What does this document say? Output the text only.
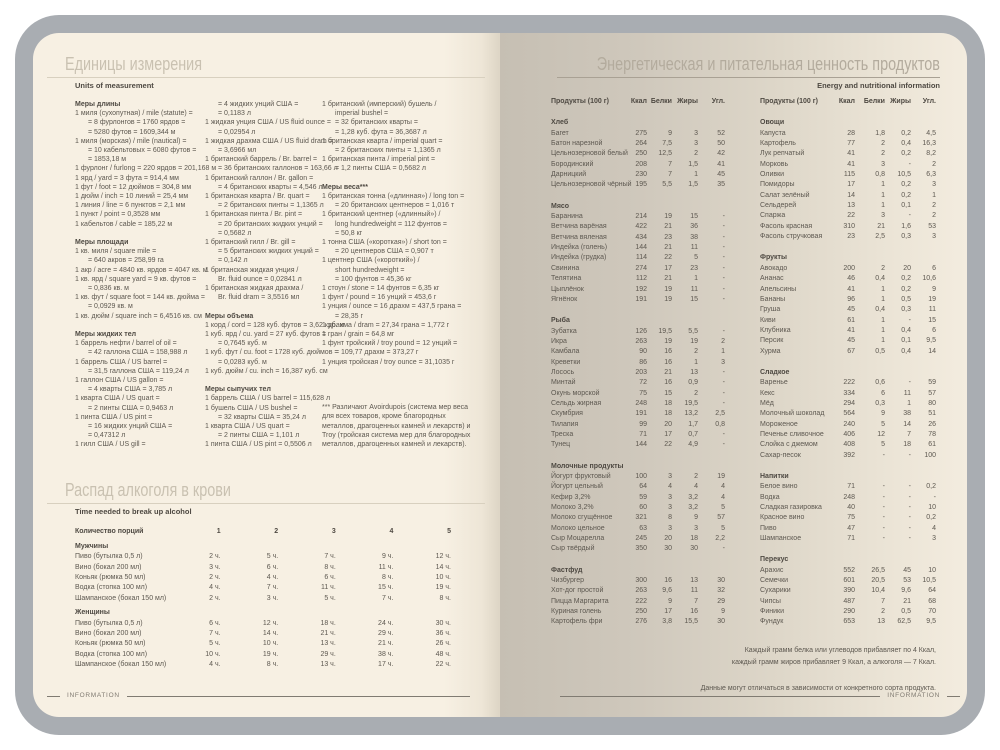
Единицы измерения
Units of measurement
Меры длины
1 миля (сухопутная) / mile (statute) =
= 8 фурлонгов = 1760 ярдов =
= 5280 футов = 1609,344 м
1 миля (морская) / mile (nautical) =
= 10 кабельтовых = 6080 футов =
= 1853,18 м
1 фурлонг / furlong = 220 ярдов = 201,168 м
1 ярд / yard = 3 фута = 914,4 мм
1 фут / foot = 12 дюймов = 304,8 мм
1 дюйм / inch = 10 линий = 25,4 мм
1 линия / line = 6 пунктов = 2,1 мм
1 пункт / point = 0,3528 мм
1 кабельтов / cable = 185,22 м
Меры площади
1 кв. миля / square mile =
= 640 акров = 258,99 га
1 акр / acre = 4840 кв. ярдов = 4047 кв. м
1 кв. ярд / square yard = 9 кв. футов =
= 0,836 кв. м
1 кв. фут / square foot = 144 кв. дюйма =
= 0,0929 кв. м
1 кв. дюйм / square inch = 6,4516 кв. см
Меры жидких тел
1 баррель нефти / barrel of oil =
= 42 галлона США = 158,988 л
1 баррель США / US barrel =
= 31,5 галлона США = 119,24 л
1 галлон США / US gallon =
= 4 кварты США = 3,785 л
1 кварта США / US quart =
= 2 пинты США = 0,9463 л
1 пинта США / US pint =
= 16 жидких унций США =
= 0,47312 л
1 гилл США / US gill =
= 4 жидких унций США =
= 0,1183 л
1 жидкая унция США / US fluid ounce =
= 0,02954 л
1 жидкая драхма США / US fluid dram =
= 3,6966 мл
1 британский баррель / Br. barrel =
= 36 британских галлонов = 163,66 л
1 британский галлон / Br. gallon =
= 4 британских кварты = 4,546 л
1 британская кварта / Br. quart =
= 2 британских пинты = 1,1365 л
1 британская пинта / Br. pint =
= 20 британских жидких унций =
= 0,5682 л
1 британский гилл / Br. gill =
= 5 британских жидких унций =
= 0,142 л
1 британская жидкая унция /
Br. fluid ounce = 0,02841 л
1 британская жидкая драхма /
Br. fluid dram = 3,5516 мл
Меры объема
1 корд / cord = 128 куб. футов = 3,62 куб. м
1 куб. ярд / cu. yard = 27 куб. футов =
= 0,7645 куб. м
1 куб. фут / cu. foot = 1728 куб. дюймов =
= 0,0283 куб. м
1 куб. дюйм / cu. inch = 16,387 куб. см
Меры сыпучих тел
1 баррель США / US barrel = 115,628 л
1 бушель США / US bushel =
= 32 кварты США = 35,24 л
1 кварта США / US quart =
= 2 пинты США = 1,101 л
1 пинта США / US pint = 0,5506 л
1 британский (имперский) бушель /
imperial bushel =
= 32 британских кварты =
= 1,28 куб. фута = 36,3687 л
1 британская кварта / imperial quart =
= 2 британских пинты = 1,1365 л
1 британская пинта / imperial pint =
= 1,2 пинты США = 0,5682 л
Меры веса***
1 британская тонна («длинная») / long ton =
= 20 британских центнеров = 1,016 т
1 британский центнер («длинный») /
long hundredweight = 112 фунтов =
= 50,8 кг
1 тонна США («короткая») / short ton =
= 20 центнеров США = 0,907 т
1 центнер США («короткий») /
short hundredweight =
= 100 фунтов = 45,36 кг
1 стоун / stone = 14 фунтов = 6,35 кг
1 фунт / pound = 16 унций = 453,6 г
1 унция / ounce = 16 драхм = 437,5 грана =
= 28,35 г
1 драхма / dram = 27,34 грана = 1,772 г
1 гран / grain = 64,8 мг
1 фунт тройский / troy pound = 12 унций =
= 109,77 драхм = 373,27 г
1 унция тройская / troy ounce = 31,1035 г
*** Различают Avoirdupois (система мер веса для всех товаров, кроме благородных металлов, драгоценных камней и лекарств) и Troy (тройская система мер для благородных металлов, драгоценных камней и лекарств).
Распад алкоголя в крови
Time needed to break up alcohol
Количество порций	1	2	3	4	5
Мужчины
Пиво (бутылка 0,5 л)	2 ч.	5 ч.	7 ч.	9 ч.	12 ч.
Вино (бокал 200 мл)	3 ч.	6 ч.	8 ч.	11 ч.	14 ч.
Коньяк (рюмка 50 мл)	2 ч.	4 ч.	6 ч.	8 ч.	10 ч.
Водка (стопка 100 мл)	4 ч.	7 ч.	11 ч.	15 ч.	19 ч.
Шампанское (бокал 150 мл)	2 ч.	3 ч.	5 ч.	7 ч.	8 ч.
Женщины
Пиво (бутылка 0,5 л)	6 ч.	12 ч.	18 ч.	24 ч.	30 ч.
Вино (бокал 200 мл)	7 ч.	14 ч.	21 ч.	29 ч.	36 ч.
Коньяк (рюмка 50 мл)	5 ч.	10 ч.	13 ч.	21 ч.	26 ч.
Водка (стопка 100 мл)	10 ч.	19 ч.	29 ч.	38 ч.	48 ч.
Шампанское (бокал 150 мл)	4 ч.	8 ч.	13 ч.	17 ч.	22 ч.
INFORMATION
Энергетическая и питательная ценность продуктов
Energy and nutritional information
Продукты (100 г)	Ккал Белки Жиры	Угл.
Хлеб
Багет	275	9	3	52
Батон нарезной	264	7,5	3	50
Цельнозерновой белый	250	12,5	2	42
Бородинский	208	7	1,5	41
Дарницкий	230	7	1	45
Цельнозерновой чёрный 195	5,5	1,5	35
Мясо
Баранина	214	19	15	-
Ветчина варёная	422	21	36	-
Ветчина вяленая	434	23	38	-
Индейка (голень)	144	21	11	-
Индейка (грудка)	114	22	5	-
Свинина	274	17	23	-
Телятина	112	21	1	-
Цыплёнок	192	19	11	-
Ягнёнок	191	19	15	-
Рыба
Зубатка	126	19,5	5,5	-
Икра	263	19	19	2
Камбала	90	16	2	1
Креветки	86	16	1	3
Лосось	203	21	13	-
Минтай	72	16	0,9	-
Окунь морской	75	15	2	-
Сельдь жирная	248	18	19,5	-
Скумбрия	191	18	13,2	2,5
Тилапия	99	20	1,7	0,8
Треска	71	17	0,7	-
Тунец	144	22	4,9	-
Молочные продукты
Йогурт фруктовый	100	3	2	19
Йогурт цельный	64	4	4	4
Кефир 3,2%	59	3	3,2	4
Молоко 3,2%	60	3	3,2	5
Молоко сгущённое	321	8	9	57
Молоко цельное	63	3	3	5
Сыр Моцарелла	245	20	18	2,2
Сыр твёрдый	350	30	30	-
Фастфуд
Чизбургер	300	16	13	30
Хот-дог простой	263	9,6	11	32
Пицца Маргарита	222	9	7	29
Куриная голень	250	17	16	9
Картофель фри	276	3,8	15,5	30
Продукты (100 г)	Ккал	Белки Жиры	Угл.
Овощи
Капуста	28	1,8	0,2	4,5
Картофель	77	2	0,4	16,3
Лук репчатый	41	2	0,2	8,2
Морковь	41	3	-	2
Оливки	115	0,8	10,5	6,3
Помидоры	17	1	0,2	3
Салат зелёный	14	1	0,2	1
Сельдерей	13	1	0,1	2
Спаржа	22	3	-	2
Фасоль красная	310	21	1,6	53
Фасоль стручковая	23	2,5	0,3	3
Фрукты
Авокадо	200	2	20	6
Ананас	46	0,4	0,2	10,6
Апельсины	41	1	0,2	9
Бананы	96	1	0,5	19
Груша	45	0,4	0,3	11
Киви	61	1	-	15
Клубника	41	1	0,4	6
Персик	45	1	0,1	9,5
Хурма	67	0,5	0,4	14
Сладкое
Варенье	222	0,6	-	59
Кекс	334	6	11	57
Мёд	294	0,3	1	80
Молочный шоколад	564	9	38	51
Мороженое	240	5	14	26
Печенье сливочное	406	12	7	78
Слойка с джемом	408	5	18	61
Сахар-песок	392	-	-	100
Напитки
Белое вино	71	-	-	0,2
Водка	248	-	-	-
Сладкая газировка	40	-	-	10
Красное вино	75	-	-	0,2
Пиво	47	-	-	4
Шампанское	71	-	-	3
Перекус
Арахис	552	26,5	45	10
Семечки	601	20,5	53	10,5
Сухарики	390	10,4	9,6	64
Чипсы	487	7	21	68
Финики	290	2	0,5	70
Фундук	653	13	62,5	9,5
Каждый грамм белка или углеводов прибавляет по 4 Ккал,
каждый грамм жиров прибавляет 9 Ккал, а алкоголя — 7 Ккал.
Данные могут отличаться в зависимости от конкретного сорта продукта.
INFORMATION
